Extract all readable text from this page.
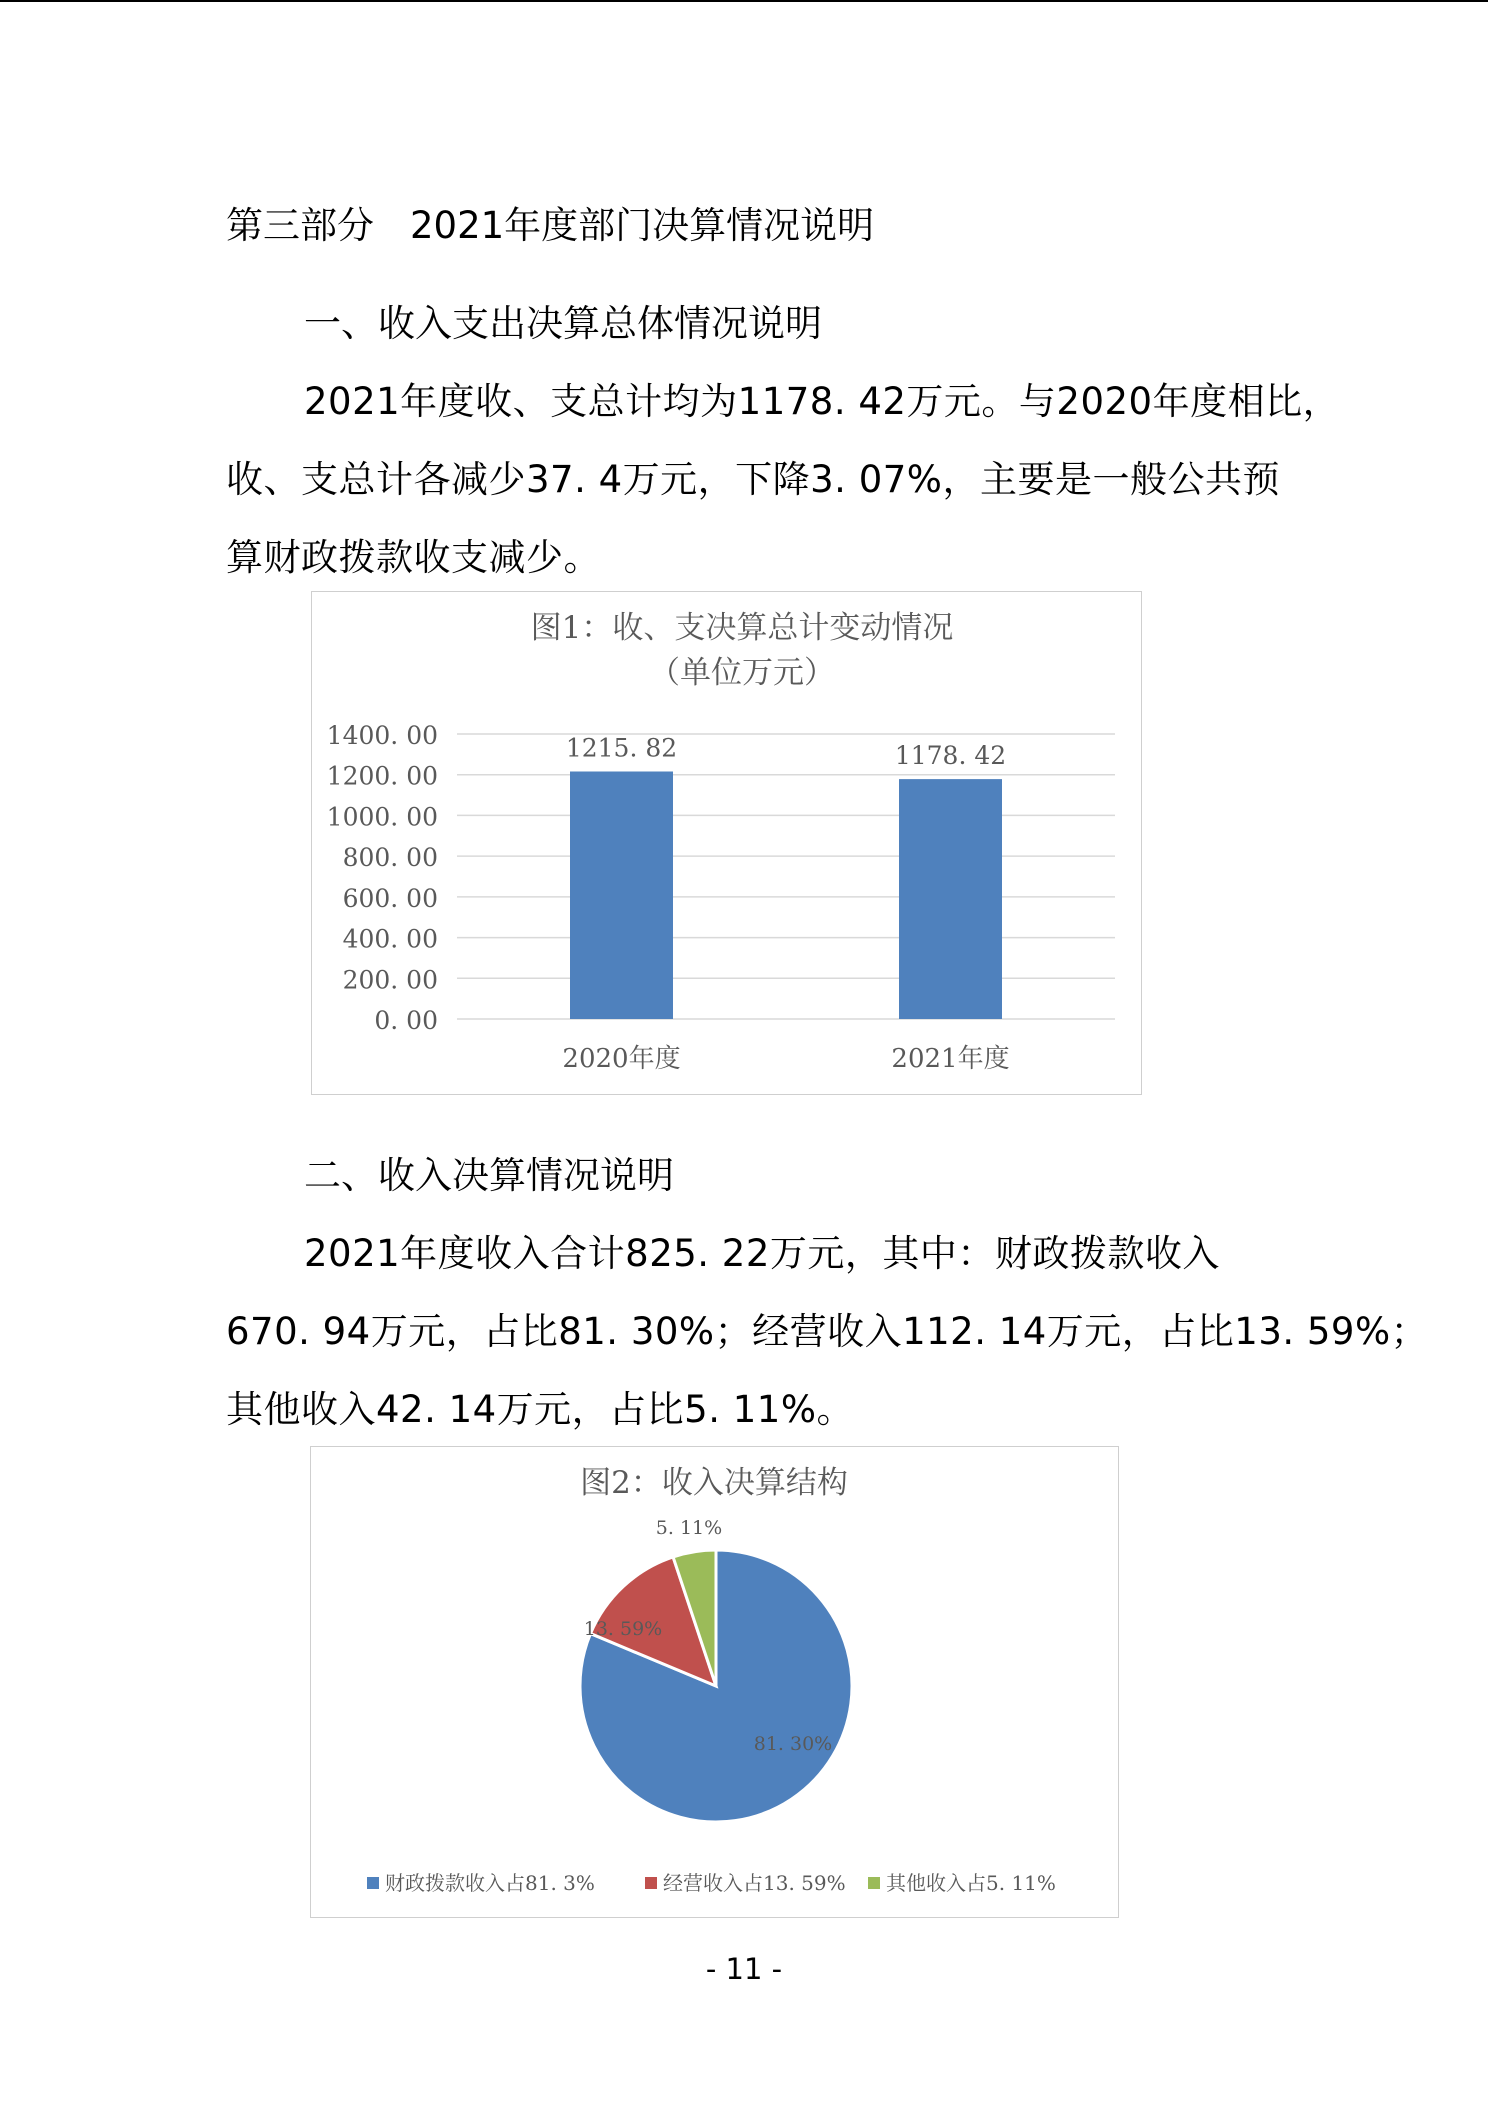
第三部分 2021年度部门决算情况说明
一、收入支出决算总体情况说明
2021年度收、支总计均为1178. 42万元。与2020年度相比，
收、支总计各减少37. 4万元，下降3. 07%，主要是一般公共预
算财政拨款收支减少。
图1：收、支决算总计变动情况
（单位万元）
0. 00
200. 00
400. 00
600. 00
800. 00
1000. 00
1200. 00
1400. 00	1215. 82	1178. 42
2020年度	2021年度
二、收入决算情况说明
2021年度收入合计825. 22万元，其中：财政拨款收入
670. 94万元，占比81. 30%；经营收入112. 14万元，占比13. 59%；
其他收入42. 14万元，占比5. 11%。
图2：收入决算结构
81. 30%
13. 59%
5. 11%
财政拨款收入占81. 3%	经营收入占13. 59% 其他收入占5. 11%
- 11 -
